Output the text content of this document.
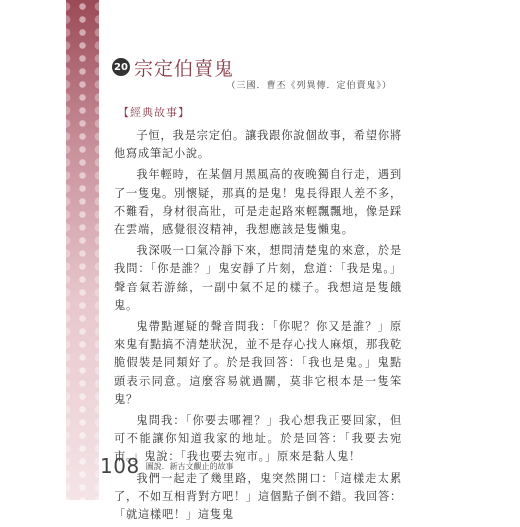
20 宗定伯賣鬼
（三國．曹丕《列異傳．定伯賣鬼》）
【經典故事】

子恒，我是宗定伯。讓我跟你說個故事，希望你將他寫成筆記小說。

我年輕時，在某個月黑風高的夜晚獨自行走，遇到了一隻鬼。別懷疑，那真的是鬼！鬼長得跟人差不多，不難看，身材很高壯，可是走起路來輕飄飄地，像是踩在雲端，感覺很沒精神，我想應該是隻懶鬼。

我深吸一口氣冷靜下來，想問清楚鬼的來意，於是我問：「你是誰？」鬼安靜了片刻，怠道：「我是鬼。」聲音氣若游絲，一副中氣不足的樣子。我想這是隻餓鬼。

鬼帶點遲疑的聲音問我：「你呢？你又是誰？」原來鬼有點搞不清楚狀況，並不是存心找人麻煩，那我乾脆假裝是同類好了。於是我回答：「我也是鬼。」鬼點頭表示同意。這麼容易就過關，莫非它根本是一隻笨鬼？

鬼問我：「你要去哪裡？」我心想我正要回家，但可不能讓你知道我家的地址。於是回答：「我要去宛市。」鬼說：「我也要去宛市。」原來是黏人鬼！

我們一起走了幾里路，鬼突然開口：「這樣走太累了，不如互相背對方吧！」這個點子倒不錯。我回答：「就這樣吧！」這隻鬼

108 圖說．新古文觀止的故事
